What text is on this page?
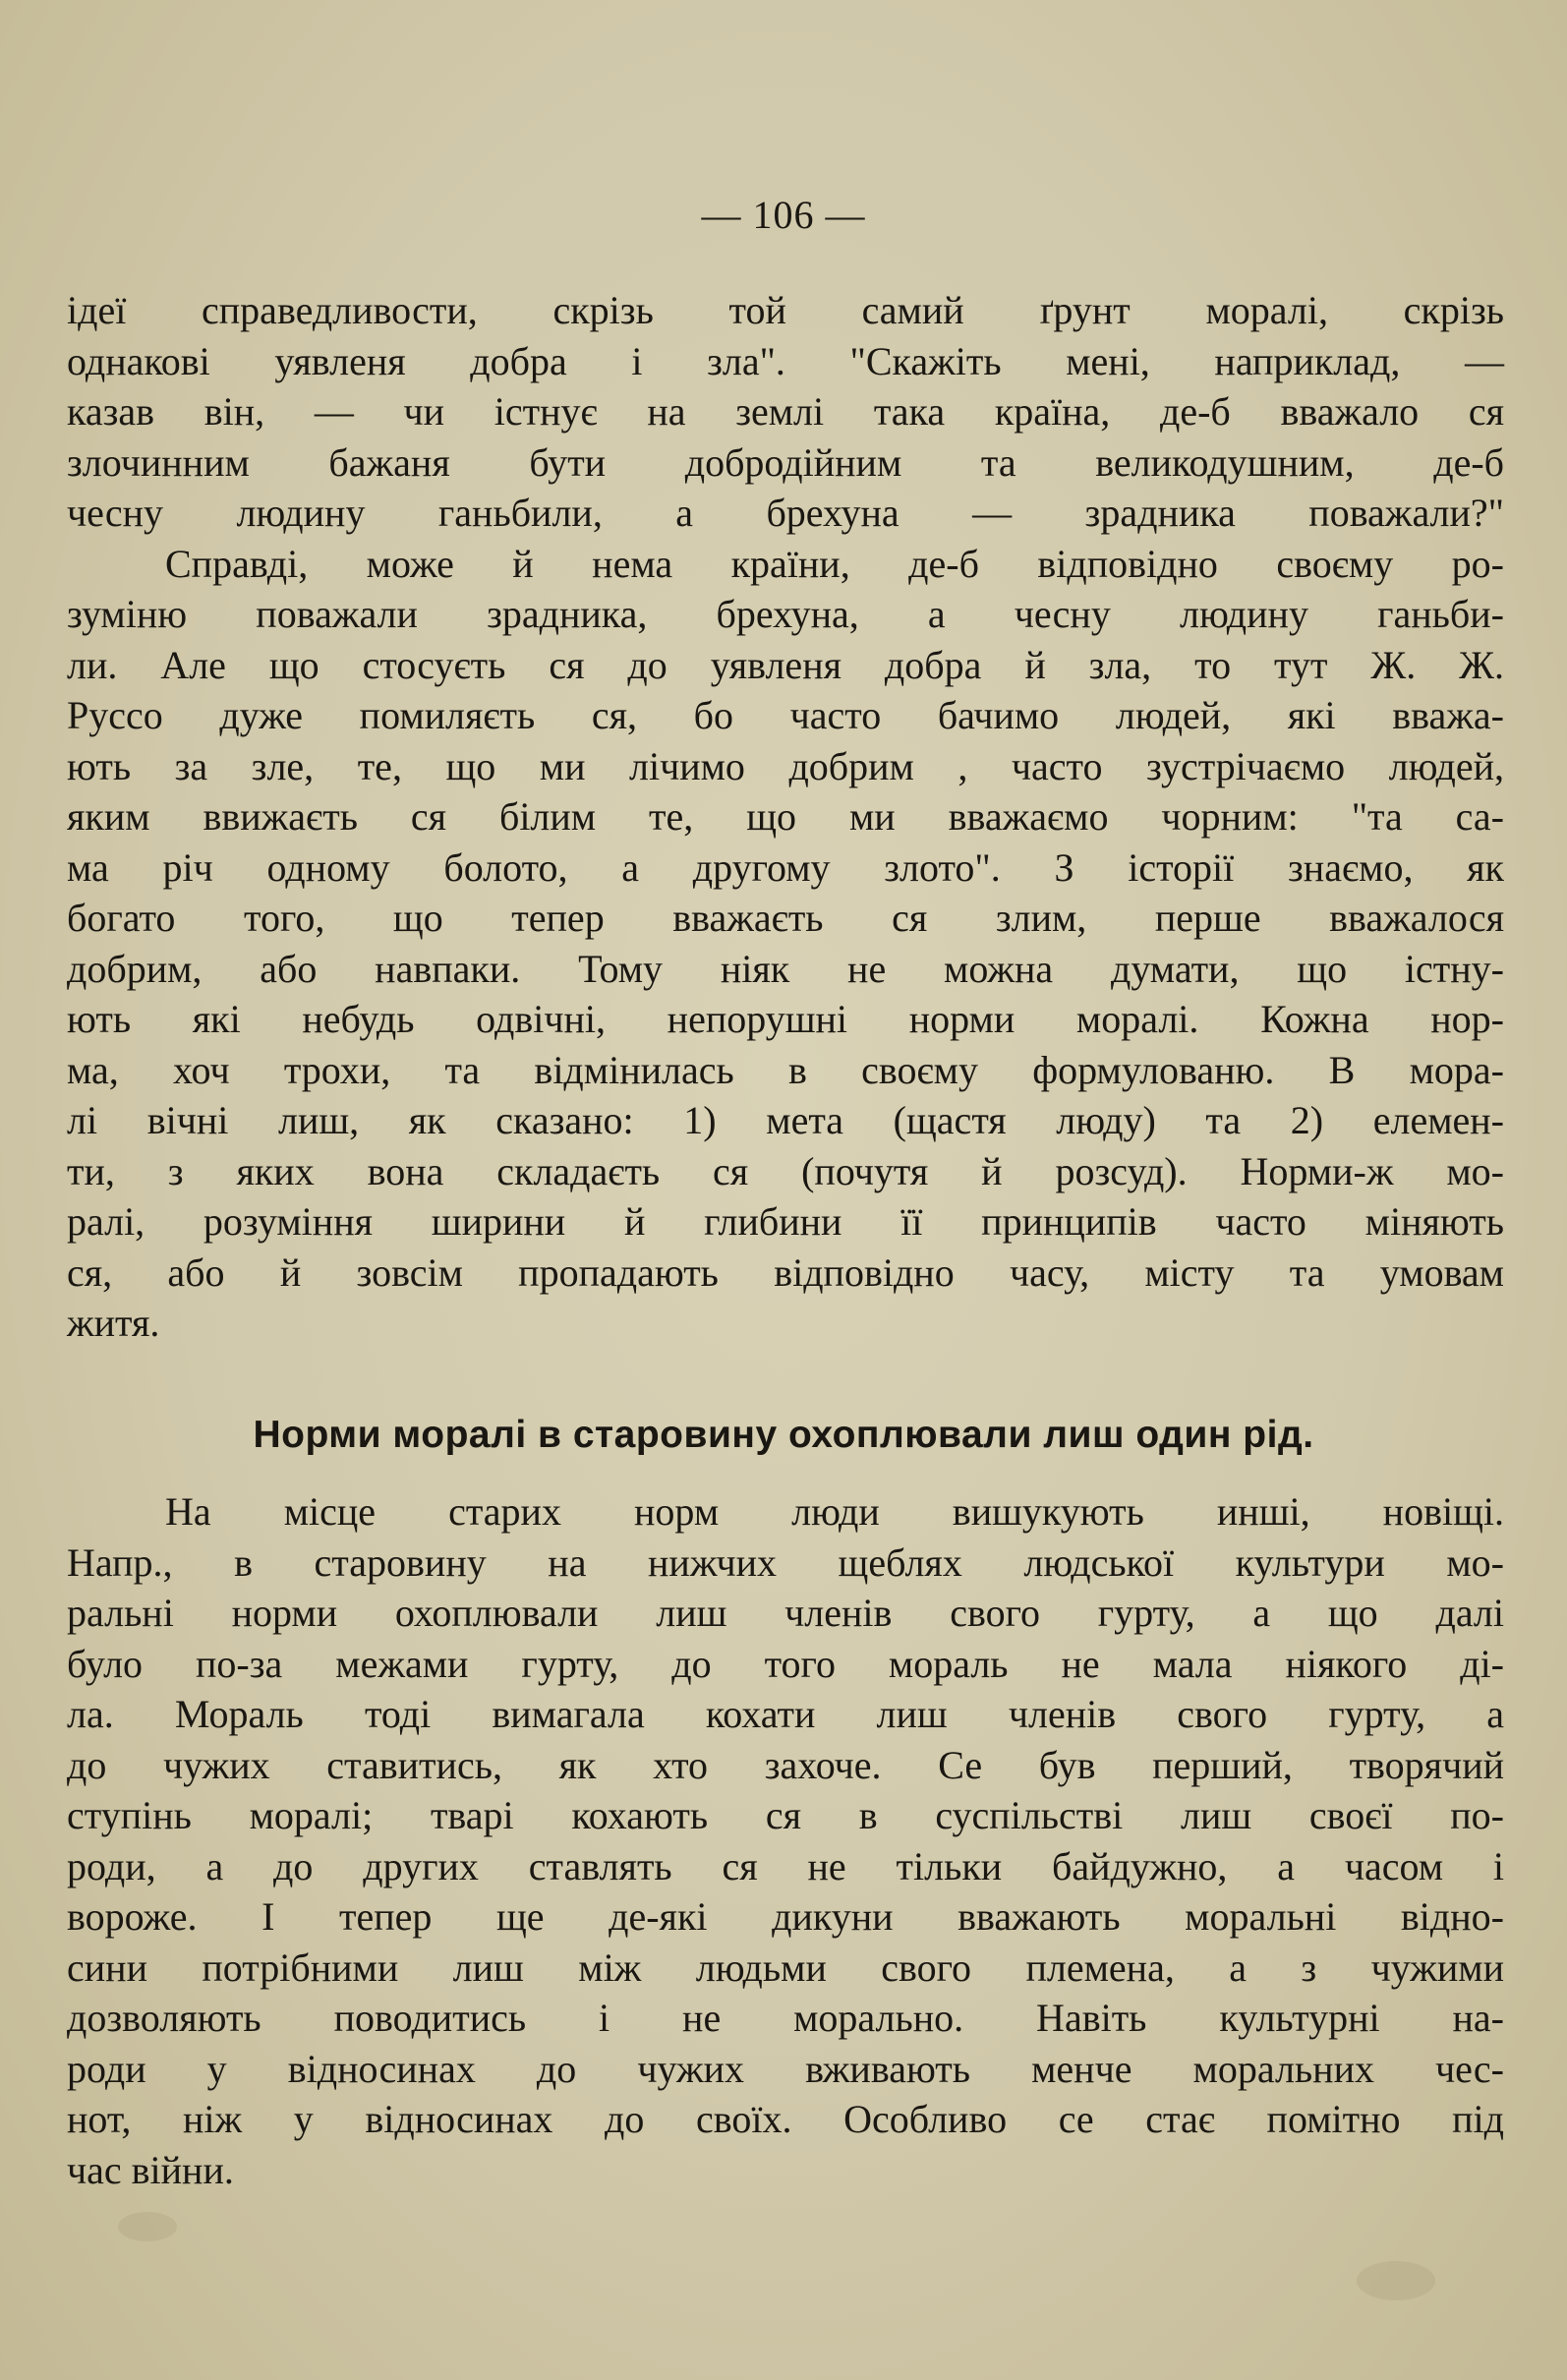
— 106 —
ідеї справедливости, скрізь той самий ґрунт моралі, скрізь
однакові уявленя добра і зла". "Скажіть мені, наприклад, —
казав він, — чи істнує на землі така країна, де-б вважало ся
злочинним бажаня бути добродійним та великодушним, де-б
чесну людину ганьбили, а брехуна — зрадника поважали?"
Справді, може й нема країни, де-б відповідно своєму ро-
зуміню поважали зрадника, брехуна, а чесну людину ганьби-
ли. Але що стосуєть ся до уявленя добра й зла, то тут Ж. Ж.
Руссо дуже помиляєть ся, бо часто бачимо людей, які вважа-
ють за зле, те, що ми лічимо добрим , часто зустрічаємо людей,
яким ввижаєть ся білим те, що ми вважаємо чорним: "та са-
ма річ одному болото, а другому злото". З історії знаємо, як
богато того, що тепер вважаєть ся злим, перше вважалося
добрим, або навпаки. Тому ніяк не можна думати, що істну-
ють які небудь одвічні, непорушні норми моралі. Кожна нор-
ма, хоч трохи, та відмінилась в своєму формулованю. В мора-
лі вічні лиш, як сказано: 1) мета (щастя люду) та 2) елемен-
ти, з яких вона складаєть ся (почутя й розсуд). Норми-ж мо-
ралі, розуміння ширини й глибини її принципів часто міняють
ся, або й зовсім пропадають відповідно часу, місту та умовам
житя.
Норми моралі в старовину охоплювали лиш один рід.
На місце старих норм люди вишукують инші, новіщі.
Напр., в старовину на нижчих щеблях людської культури мо-
ральні норми охоплювали лиш членів свого гурту, а що далі
було по-за межами гурту, до того мораль не мала ніякого ді-
ла. Мораль тоді вимагала кохати лиш членів свого гурту, а
до чужих ставитись, як хто захоче. Се був перший, творячий
ступінь моралі; тварі кохають ся в суспільстві лиш своєї по-
роди, а до других ставлять ся не тільки байдужно, а часом і
вороже. І тепер ще де-які дикуни вважають моральні відно-
сини потрібними лиш між людьми свого племена, а з чужими
дозволяють поводитись і не морально. Навіть культурні на-
роди у відносинах до чужих вживають менче моральних чес-
нот, ніж у відносинах до своїх. Особливо се стає помітно під
час війни.
